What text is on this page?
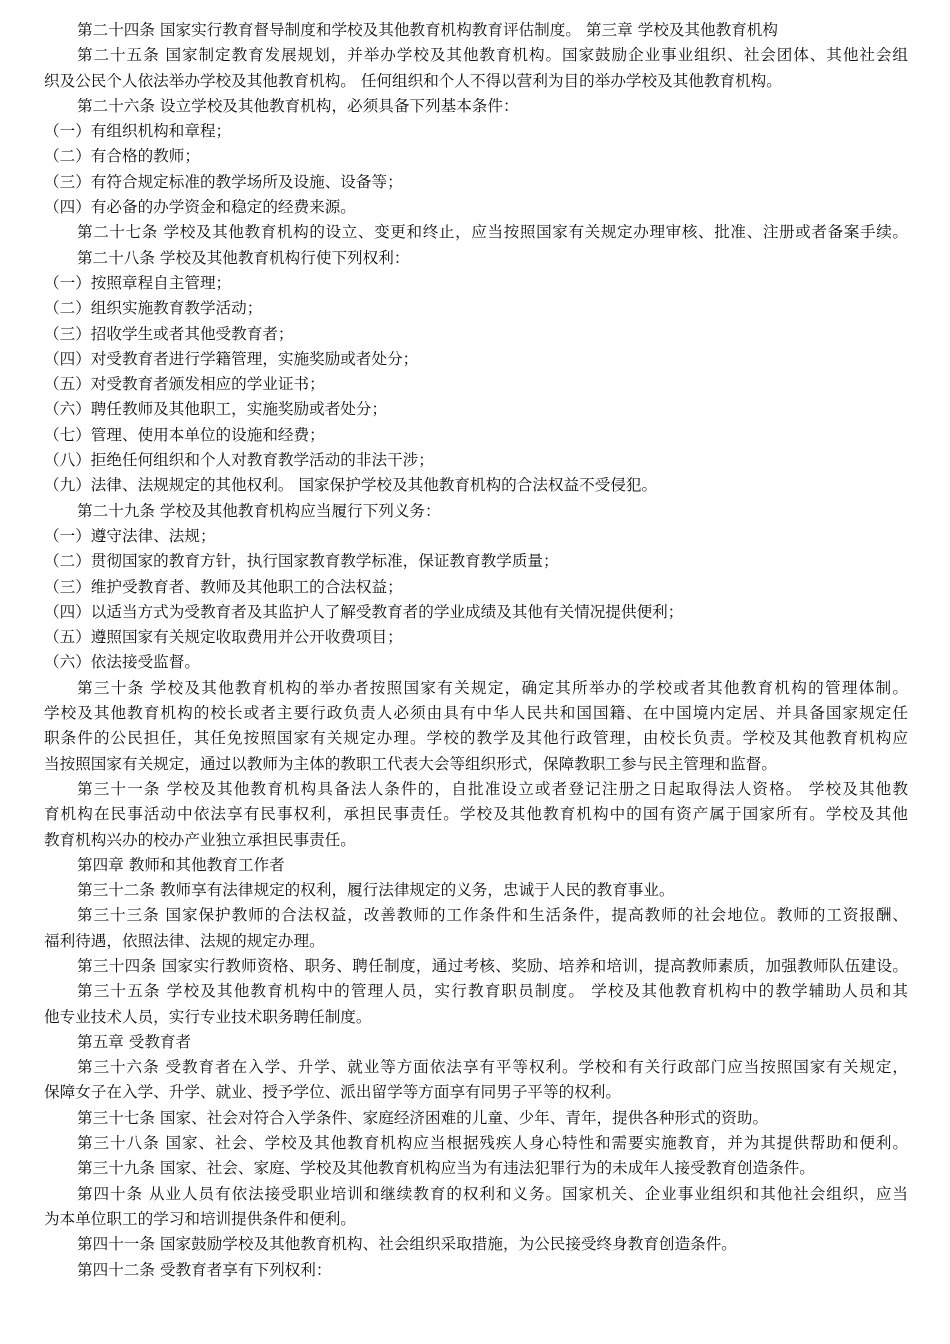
第二十四条 国家实行教育督导制度和学校及其他教育机构教育评估制度。 第三章 学校及其他教育机构
第二十五条 国家制定教育发展规划，并举办学校及其他教育机构。国家鼓励企业事业组织、社会团体、其他社会组
织及公民个人依法举办学校及其他教育机构。 任何组织和个人不得以营利为目的举办学校及其他教育机构。
第二十六条 设立学校及其他教育机构，必须具备下列基本条件：
（一）有组织机构和章程；
（二）有合格的教师；
（三）有符合规定标准的教学场所及设施、设备等；
（四）有必备的办学资金和稳定的经费来源。
第二十七条 学校及其他教育机构的设立、变更和终止，应当按照国家有关规定办理审核、批准、注册或者备案手续。
第二十八条 学校及其他教育机构行使下列权利：
（一）按照章程自主管理；
（二）组织实施教育教学活动；
（三）招收学生或者其他受教育者；
（四）对受教育者进行学籍管理，实施奖励或者处分；
（五）对受教育者颁发相应的学业证书；
（六）聘任教师及其他职工，实施奖励或者处分；
（七）管理、使用本单位的设施和经费；
（八）拒绝任何组织和个人对教育教学活动的非法干涉；
（九）法律、法规规定的其他权利。 国家保护学校及其他教育机构的合法权益不受侵犯。
第二十九条 学校及其他教育机构应当履行下列义务：
（一）遵守法律、法规；
（二）贯彻国家的教育方针，执行国家教育教学标准，保证教育教学质量；
（三）维护受教育者、教师及其他职工的合法权益；
（四）以适当方式为受教育者及其监护人了解受教育者的学业成绩及其他有关情况提供便利；
（五）遵照国家有关规定收取费用并公开收费项目；
（六）依法接受监督。
第三十条 学校及其他教育机构的举办者按照国家有关规定，确定其所举办的学校或者其他教育机构的管理体制。
学校及其他教育机构的校长或者主要行政负责人必须由具有中华人民共和国国籍、在中国境内定居、并具备国家规定任
职条件的公民担任，其任免按照国家有关规定办理。学校的教学及其他行政管理，由校长负责。学校及其他教育机构应
当按照国家有关规定，通过以教师为主体的教职工代表大会等组织形式，保障教职工参与民主管理和监督。
第三十一条 学校及其他教育机构具备法人条件的，自批准设立或者登记注册之日起取得法人资格。 学校及其他教
育机构在民事活动中依法享有民事权利，承担民事责任。学校及其他教育机构中的国有资产属于国家所有。学校及其他
教育机构兴办的校办产业独立承担民事责任。
第四章 教师和其他教育工作者
第三十二条 教师享有法律规定的权利，履行法律规定的义务，忠诚于人民的教育事业。
第三十三条 国家保护教师的合法权益，改善教师的工作条件和生活条件，提高教师的社会地位。教师的工资报酬、
福利待遇，依照法律、法规的规定办理。
第三十四条 国家实行教师资格、职务、聘任制度，通过考核、奖励、培养和培训，提高教师素质，加强教师队伍建设。
第三十五条 学校及其他教育机构中的管理人员，实行教育职员制度。 学校及其他教育机构中的教学辅助人员和其
他专业技术人员，实行专业技术职务聘任制度。
第五章 受教育者
第三十六条 受教育者在入学、升学、就业等方面依法享有平等权利。学校和有关行政部门应当按照国家有关规定，
保障女子在入学、升学、就业、授予学位、派出留学等方面享有同男子平等的权利。
第三十七条 国家、社会对符合入学条件、家庭经济困难的儿童、少年、青年，提供各种形式的资助。
第三十八条 国家、社会、学校及其他教育机构应当根据残疾人身心特性和需要实施教育，并为其提供帮助和便利。
第三十九条 国家、社会、家庭、学校及其他教育机构应当为有违法犯罪行为的未成年人接受教育创造条件。
第四十条 从业人员有依法接受职业培训和继续教育的权利和义务。国家机关、企业事业组织和其他社会组织，应当
为本单位职工的学习和培训提供条件和便利。
第四十一条 国家鼓励学校及其他教育机构、社会组织采取措施，为公民接受终身教育创造条件。
第四十二条 受教育者享有下列权利：
